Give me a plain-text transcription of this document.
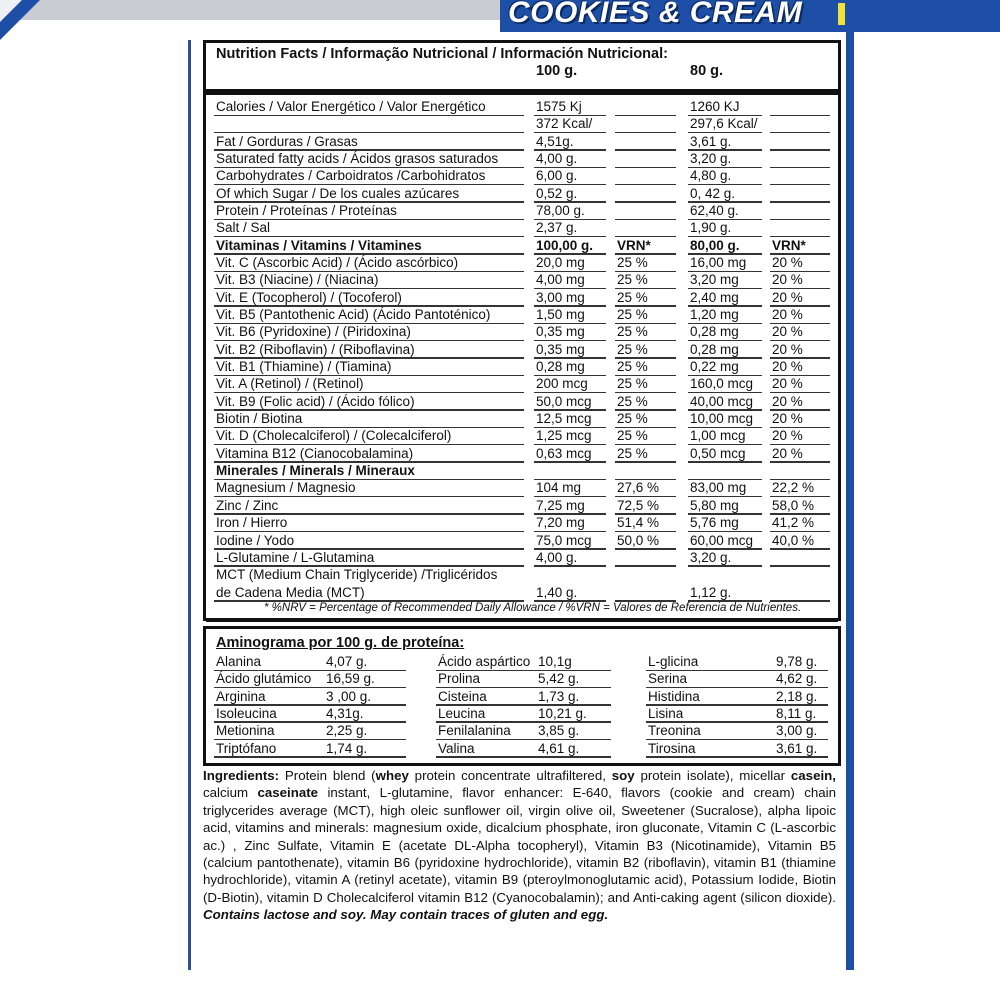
COOKIES & CREAM
Nutrition Facts / Informação Nutricional / Información Nutricional:
100 g.	80 g.
Calories / Valor Energético / Valor Energético	1575 Kj	1260 KJ
372 Kcal/	297,6 Kcal/
Fat / Gorduras / Grasas	4,51g.	3,61 g.
Saturated fatty acids / Ácidos grasos saturados	4,00 g.	3,20 g.
Carbohydrates / Carboidratos /Carbohidratos	6,00 g.	4,80 g.
Of which Sugar / De los cuales azúcares	0,52 g.	0, 42 g.
Protein / Proteínas / Proteínas	78,00 g.	62,40 g.
Salt / Sal	2,37 g.	1,90 g.
Vitaminas / Vitamins / Vitamines	100,00 g. VRN*	80,00 g. VRN*
Vit. C (Ascorbic Acid) / (Ácido ascórbico)	20,0 mg 25 %	16,00 mg 20 %
Vit. B3 (Niacine) / (Niacina)	4,00 mg 25 %	3,20 mg 20 %
Vit. E (Tocopherol) / (Tocoferol)	3,00 mg 25 %	2,40 mg 20 %
Vit. B5 (Pantothenic Acid) (Ácido Pantoténico)	1,50 mg 25 %	1,20 mg 20 %
Vit. B6 (Pyridoxine) / (Piridoxina)	0,35 mg 25 %	0,28 mg 20 %
Vit. B2 (Riboflavin) / (Riboflavina)	0,35 mg 25 %	0,28 mg 20 %
Vit. B1 (Thiamine) / (Tiamina)	0,28 mg 25 %	0,22 mg 20 %
Vit. A (Retinol) / (Retinol)	200 mcg 25 %	160,0 mcg 20 %
Vit. B9 (Folic acid) / (Ácido fólico)	50,0 mcg 25 %	40,00 mcg 20 %
Biotin / Biotina	12,5 mcg 25 %	10,00 mcg 20 %
Vit. D (Cholecalciferol) / (Colecalciferol)	1,25 mcg 25 %	1,00 mcg 20 %
Vitamina B12 (Cianocobalamina)	0,63 mcg 25 %	0,50 mcg 20 %
Minerales / Minerals / Mineraux
Magnesium / Magnesio	104 mg	27,6 % 83,00 mg 22,2 %
Zinc / Zinc	7,25 mg 72,5 % 5,80 mg 58,0 %
Iron / Hierro	7,20 mg 51,4 % 5,76 mg 41,2 %
Iodine / Yodo	75,0 mcg 50,0 % 60,00 mcg 40,0 %
L-Glutamine / L-Glutamina	4,00 g.	3,20 g.
MCT (Medium Chain Triglyceride) /Triglicéridos
de Cadena Media (MCT)	1,40 g.	1,12 g.
* %NRV = Percentage of Recommended Daily Allowance / %VRN = Valores de Referencia de Nutrientes.
Aminograma por 100 g. de proteína:
Alanina	4,07 g.	Ácido aspártico 10,1g	L-glicina	9,78 g.
Ácido glutámico 16,59 g.	Prolina	5,42 g.	Serina	4,62 g.
Arginina	3 ,00 g.	Cisteina	1,73 g.	Histidina	2,18 g.
Isoleucina	4,31g.	Leucina	10,21 g.	Lisina	8,11 g.
Metionina	2,25 g.	Fenilalanina 3,85 g.	Treonina	3,00 g.
Triptófano	1,74 g.	Valina	4,61 g.	Tirosina	3,61 g.
Ingredients: Protein blend (whey protein concentrate ultrafiltered, soy protein isolate), micellar casein, calcium caseinate instant, L-glutamine, flavor enhancer: E-640, flavors (cookie and cream) chain triglycerides average (MCT), high oleic sunflower oil, virgin olive oil, Sweetener (Sucralose), alpha lipoic acid, vitamins and minerals: magnesium oxide, dicalcium phosphate, iron gluconate, Vitamin C (L-ascorbic ac.) , Zinc Sulfate, Vitamin E (acetate DL-Alpha tocopheryl), Vitamin B3 (Nicotinamide), Vitamin B5 (calcium pantothenate), vitamin B6 (pyridoxine hydrochloride), vitamin B2 (riboflavin), vitamin B1 (thiamine hydrochloride), vitamin A (retinyl acetate), vitamin B9 (pteroylmonoglutamic acid), Potassium Iodide, Biotin (D-Biotin), vitamin D Cholecalciferol vitamin B12 (Cyanocobalamin); and Anti-caking agent (silicon dioxide). Contains lactose and soy. May contain traces of gluten and egg.
